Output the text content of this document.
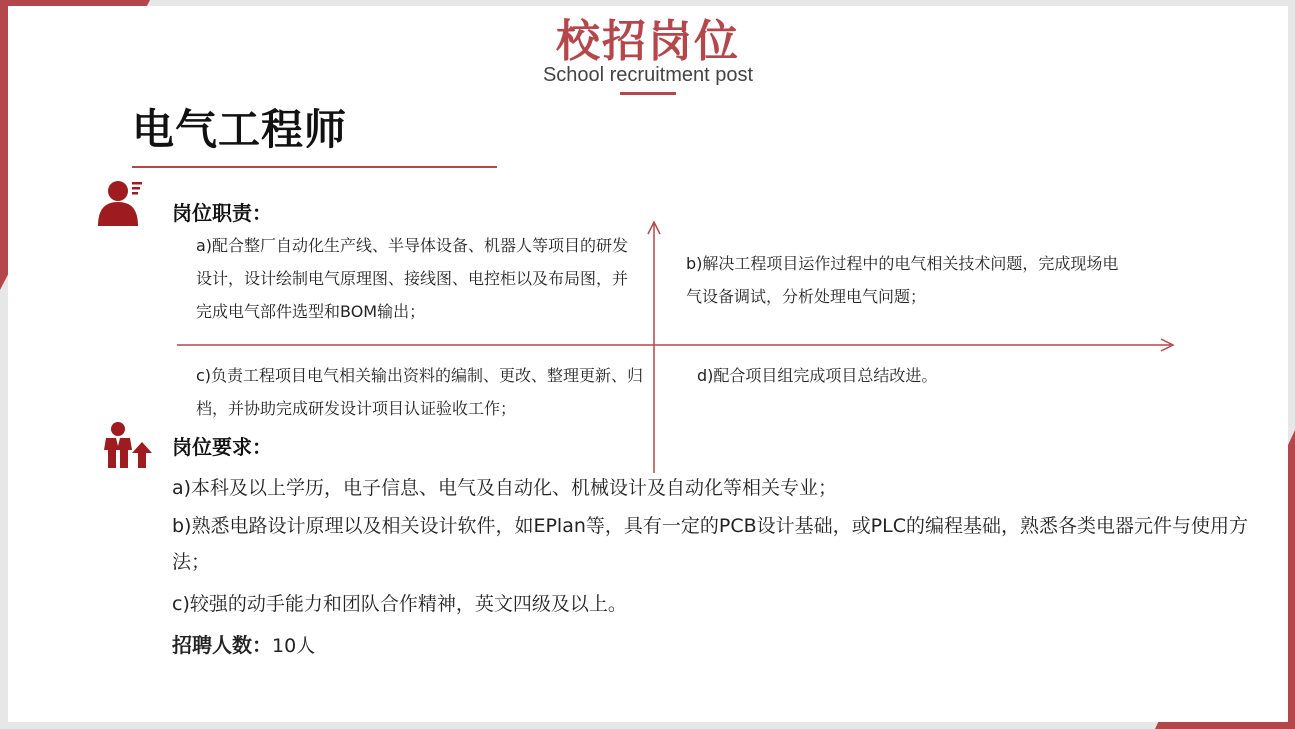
校招岗位
School recruitment post
电气工程师
岗位职责：
a)配合整厂自动化生产线、半导体设备、机器人等项目的研发设计，设计绘制电气原理图、接线图、电控柜以及布局图，并完成电气部件选型和BOM输出；
b)解决工程项目运作过程中的电气相关技术问题，完成现场电气设备调试，分析处理电气问题；
c)负责工程项目电气相关输出资料的编制、更改、整理更新、归档，并协助完成研发设计项目认证验收工作；
d)配合项目组完成项目总结改进。
岗位要求：
a)本科及以上学历，电子信息、电气及自动化、机械设计及自动化等相关专业；
b)熟悉电路设计原理以及相关设计软件，如EPlan等，具有一定的PCB设计基础，或PLC的编程基础，熟悉各类电器元件与使用方法；
c)较强的动手能力和团队合作精神，英文四级及以上。
招聘人数：10人
